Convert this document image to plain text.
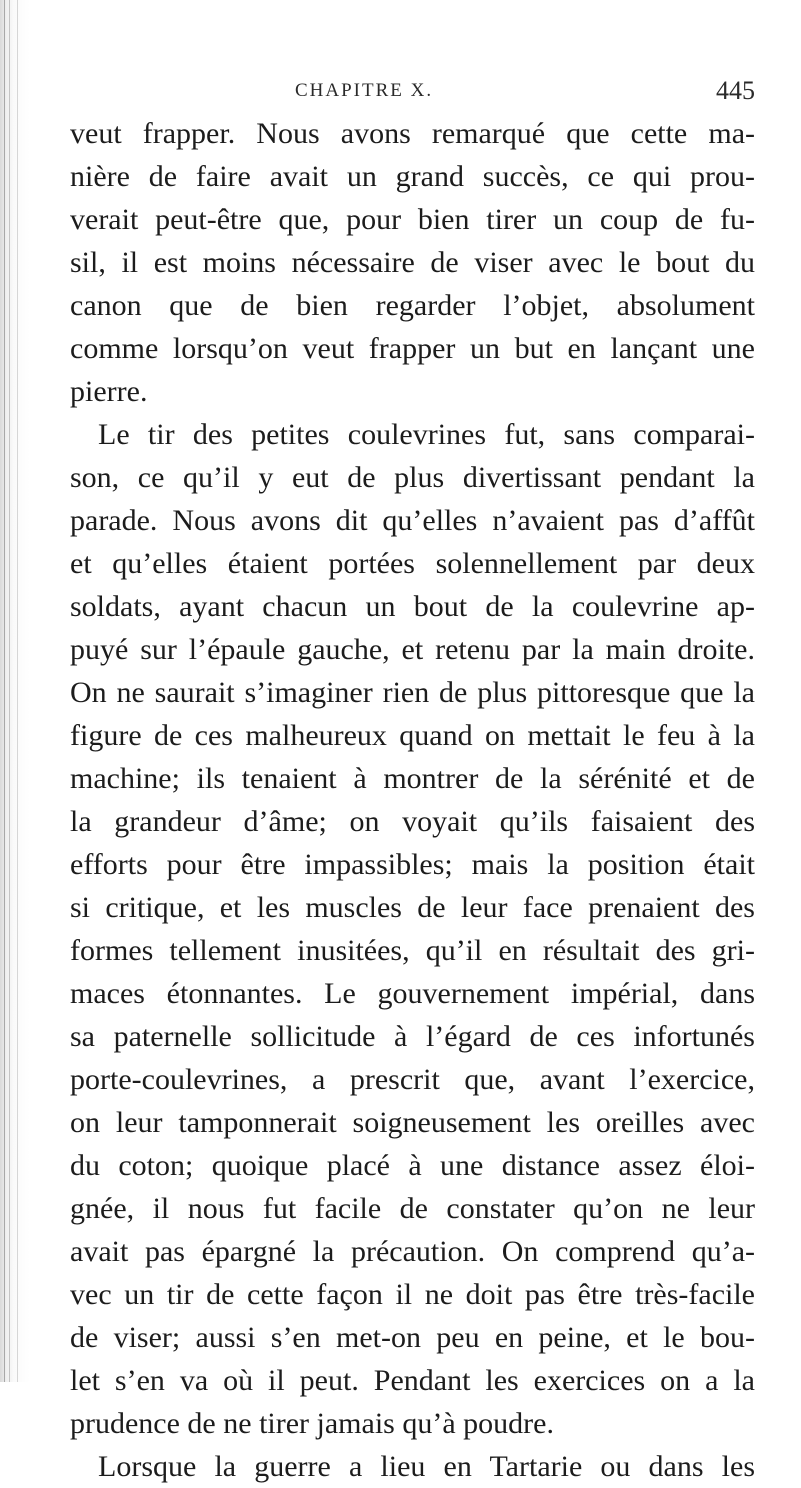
CHAPITRE X.	445
veut frapper. Nous avons remarqué que cette ma-
nière de faire avait un grand succès, ce qui prou-
verait peut-être que, pour bien tirer un coup de fu-
sil, il est moins nécessaire de viser avec le bout du
canon que de bien regarder l’objet, absolument
comme lorsqu’on veut frapper un but en lançant une
pierre.
Le tir des petites coulevrines fut, sans comparai-
son, ce qu’il y eut de plus divertissant pendant la
parade. Nous avons dit qu’elles n’avaient pas d’affût
et qu’elles étaient portées solennellement par deux
soldats, ayant chacun un bout de la coulevrine ap-
puyé sur l’épaule gauche, et retenu par la main droite.
On ne saurait s’imaginer rien de plus pittoresque que la
figure de ces malheureux quand on mettait le feu à la
machine; ils tenaient à montrer de la sérénité et de
la grandeur d’âme; on voyait qu’ils faisaient des
efforts pour être impassibles; mais la position était
si critique, et les muscles de leur face prenaient des
formes tellement inusitées, qu’il en résultait des gri-
maces étonnantes. Le gouvernement impérial, dans
sa paternelle sollicitude à l’égard de ces infortunés
porte-coulevrines, a prescrit que, avant l’exercice,
on leur tamponnerait soigneusement les oreilles avec
du coton; quoique placé à une distance assez éloi-
gnée, il nous fut facile de constater qu’on ne leur
avait pas épargné la précaution. On comprend qu’a-
vec un tir de cette façon il ne doit pas être très-facile
de viser; aussi s’en met-on peu en peine, et le bou-
let s’en va où il peut. Pendant les exercices on a la
prudence de ne tirer jamais qu’à poudre.
Lorsque la guerre a lieu en Tartarie ou dans les
